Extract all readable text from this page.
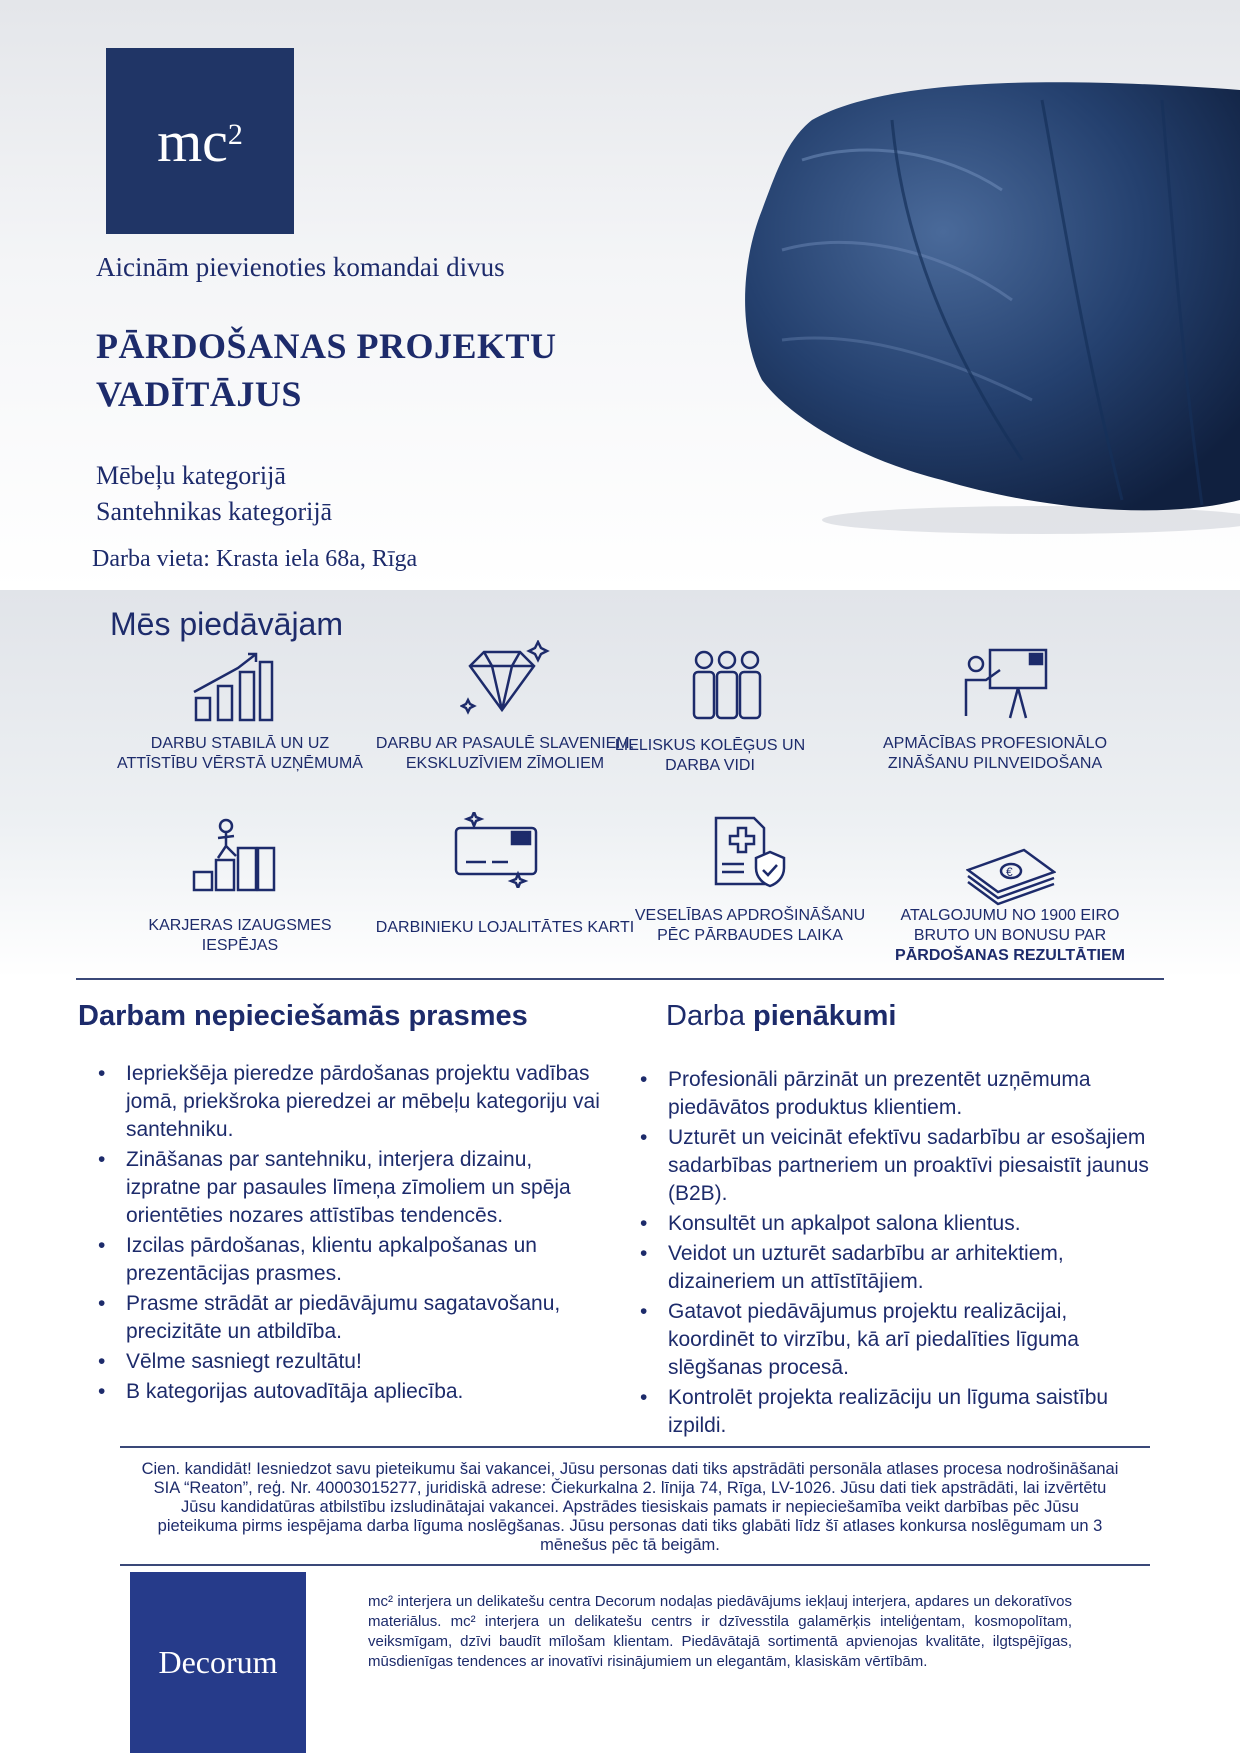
$mc^2$
Aicinām pievienoties komandai divus
PĀRDOŠANAS PROJEKTU
VADĪTĀJUS
Mēbeļu kategorijā
Santehnikas kategorijā
Darba vieta: Krasta iela 68a, Rīga
Mēs piedāvājam
DARBU STABILĀ UN UZ ATTĪSTĪBU VĒRSTĀ UZŅĒMUMĀ
DARBU AR PASAULĒ SLAVENIEM, EKSKLUZĪVIEM ZĪMOLIEM
LIELISKUS KOLĒĢUS UN DARBA VIDI
APMĀCĪBAS PROFESIONĀLO ZINĀŠANU PILNVEIDOŠANA
€
KARJERAS IZAUGSMES IESPĒJAS
DARBINIEKU LOJALITĀTES KARTI
VESELĪBAS APDROŠINĀŠANU PĒC PĀRBAUDES LAIKA
ATALGOJUMU NO 1900 EIRO BRUTO UN BONUSU PAR
PĀRDOŠANAS REZULTĀTIEM
Darbam nepieciešamās prasmes	Darba pienākumi
• Iepriekšēja pieredze pārdošanas projektu vadības jomā, priekšroka pieredzei ar mēbeļu kategoriju vai santehniku.
• Zināšanas par santehniku, interjera dizainu, izpratne par pasaules līmeņa zīmoliem un spēja orientēties nozares attīstības tendencēs.
• Izcilas pārdošanas, klientu apkalpošanas un prezentācijas prasmes.
• Prasme strādāt ar piedāvājumu sagatavošanu, precizitāte un atbildība.
• Vēlme sasniegt rezultātu!
• B kategorijas autovadītāja apliecība.
• Profesionāli pārzināt un prezentēt uzņēmuma piedāvātos produktus klientiem.
• Uzturēt un veicināt efektīvu sadarbību ar esošajiem sadarbības partneriem un proaktīvi piesaistīt jaunus (B2B).
• Konsultēt un apkalpot salona klientus.
• Veidot un uzturēt sadarbību ar arhitektiem, dizaineriem un attīstītājiem.
• Gatavot piedāvājumus projektu realizācijai, koordinēt to virzību, kā arī piedalīties līguma slēgšanas procesā.
• Kontrolēt projekta realizāciju un līguma saistību izpildi.
Cien. kandidāt! Iesniedzot savu pieteikumu šai vakancei, Jūsu personas dati tiks apstrādāti personāla atlases procesa nodrošināšanai SIA “Reaton”, reģ. Nr. 40003015277, juridiskā adrese: Čiekurkalna 2. līnija 74, Rīga, LV-1026. Jūsu dati tiek apstrādāti, lai izvērtētu Jūsu kandidatūras atbilstību izsludinātajai vakancei. Apstrādes tiesiskais pamats ir nepieciešamība veikt darbības pēc Jūsu pieteikuma pirms iespējama darba līguma noslēgšanas. Jūsu personas dati tiks glabāti līdz šī atlases konkursa noslēgumam un 3 mēnešus pēc tā beigām.
Decorum
mc² interjera un delikatešu centra Decorum nodaļas piedāvājums iekļauj interjera, apdares un dekoratīvos materiālus. mc² interjera un delikatešu centrs ir dzīvesstila galamērķis inteliģentam, kosmopolītam, veiksmīgam, dzīvi baudīt mīlošam klientam. Piedāvātajā sortimentā apvienojas kvalitāte, ilgtspējīgas, mūsdienīgas tendences ar inovatīvi risinājumiem un elegantām, klasiskām vērtībām.
